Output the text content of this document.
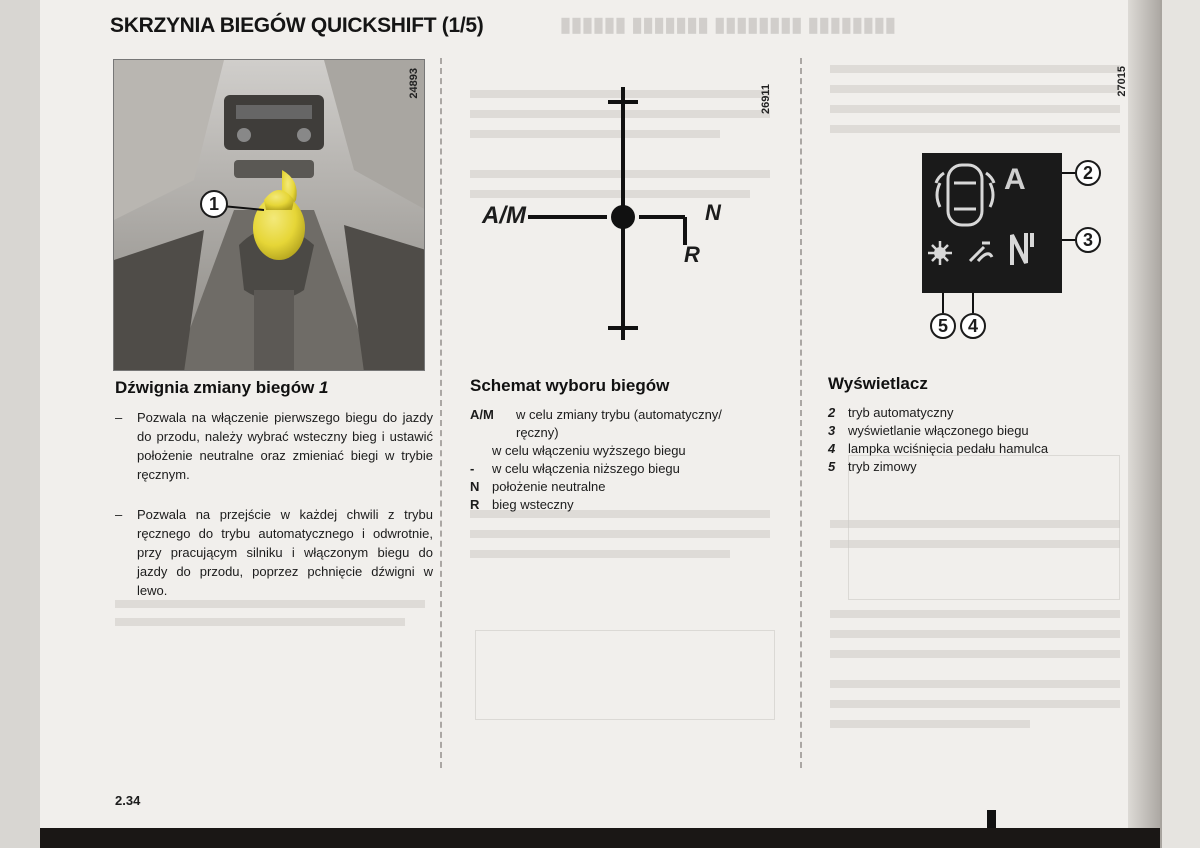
▮▮▮▮▮▮▮▮ ▮▮▮▮▮▮▮▮ ▮▮▮▮▮▮▮ ▮▮▮▮▮▮
SKRZYNIA BIEGÓW QUICKSHIFT (1/5)
24893
1
Dźwignia zmiany biegów 1
–	Pozwala na włączenie pierwszego biegu do jazdy do przodu, należy wybrać wsteczny bieg i ustawić położenie neutralne oraz zmieniać biegi w trybie ręcznym.
–	Pozwala na przejście w każdej chwili z trybu ręcznego do trybu automatycznego i odwrotnie, przy pracującym silniku i włączonym biegu do jazdy do przodu, poprzez pchnięcie dźwigni w lewo.
26911
A/M	N
R
Schemat wyboru biegów
A/M w celu zmiany trybu (automatyczny/
ręczny)
+ w celu włączeniu wyższego biegu
- w celu włączenia niższego biegu
N położenie neutralne
R bieg wsteczny
27015
A	2
3
4
5
Wyświetlacz
2 tryb automatyczny
3 wyświetlanie włączonego biegu
4 lampka wciśnięcia pedału hamulca
5 tryb zimowy
2.34
